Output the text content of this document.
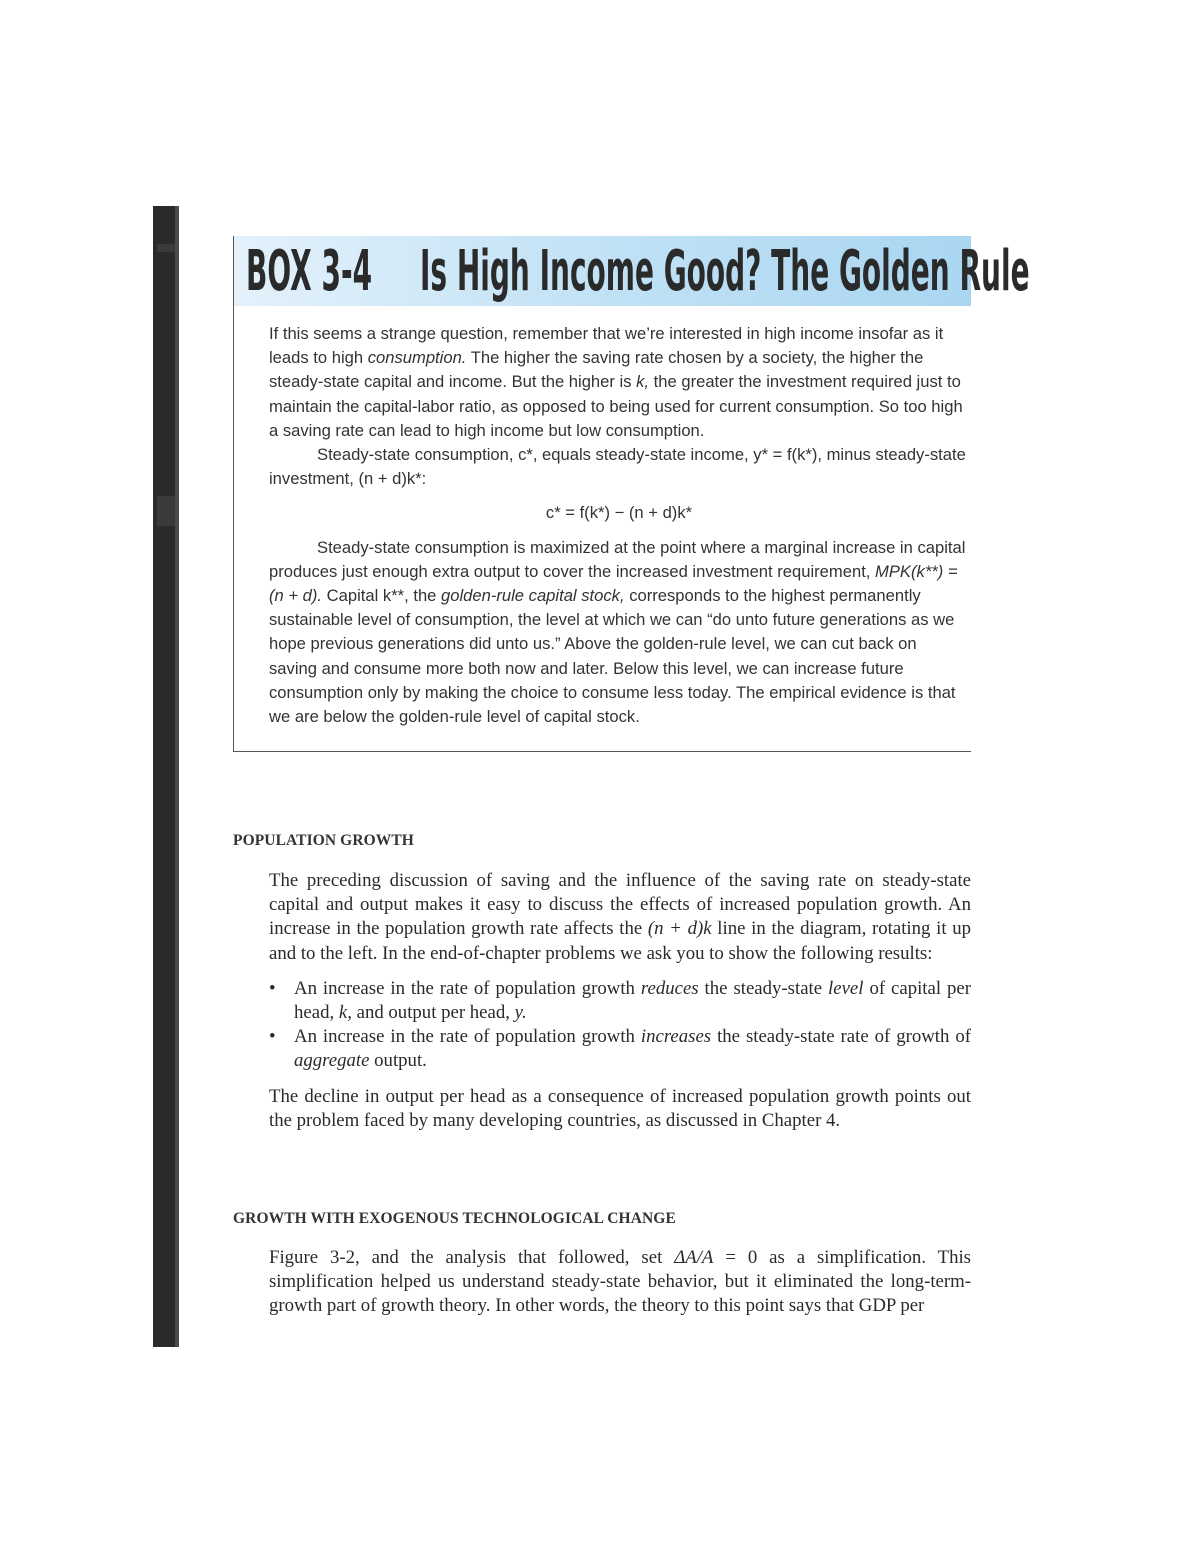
BOX 3-4 Is High Income Good? The Golden Rule

If this seems a strange question, remember that we’re interested in high income insofar as it leads to high consumption. The higher the saving rate chosen by a society, the higher the steady-state capital and income. But the higher is k, the greater the investment required just to maintain the capital-labor ratio, as opposed to being used for current consumption. So too high a saving rate can lead to high income but low consumption.

Steady-state consumption, c*, equals steady-state income, y* = f(k*), minus steady-state investment, (n + d)k*:

c* = f(k*) − (n + d)k*

Steady-state consumption is maximized at the point where a marginal increase in capital produces just enough extra output to cover the increased investment requirement, MPK(k**) = (n + d). Capital k**, the golden-rule capital stock, corresponds to the highest permanently sustainable level of consumption, the level at which we can “do unto future generations as we hope previous generations did unto us.” Above the golden-rule level, we can cut back on saving and consume more both now and later. Below this level, we can increase future consumption only by making the choice to consume less today. The empirical evidence is that we are below the golden-rule level of capital stock.

POPULATION GROWTH

The preceding discussion of saving and the influence of the saving rate on steady-state capital and output makes it easy to discuss the effects of increased population growth. An increase in the population growth rate affects the (n + d)k line in the diagram, rotating it up and to the left. In the end-of-chapter problems we ask you to show the following results:

• An increase in the rate of population growth reduces the steady-state level of capital per head, k, and output per head, y.
• An increase in the rate of population growth increases the steady-state rate of growth of aggregate output.

The decline in output per head as a consequence of increased population growth points out the problem faced by many developing countries, as discussed in Chapter 4.

GROWTH WITH EXOGENOUS TECHNOLOGICAL CHANGE

Figure 3-2, and the analysis that followed, set ΔA/A = 0 as a simplification. This simplification helped us understand steady-state behavior, but it eliminated the long-term-growth part of growth theory. In other words, the theory to this point says that GDP per
